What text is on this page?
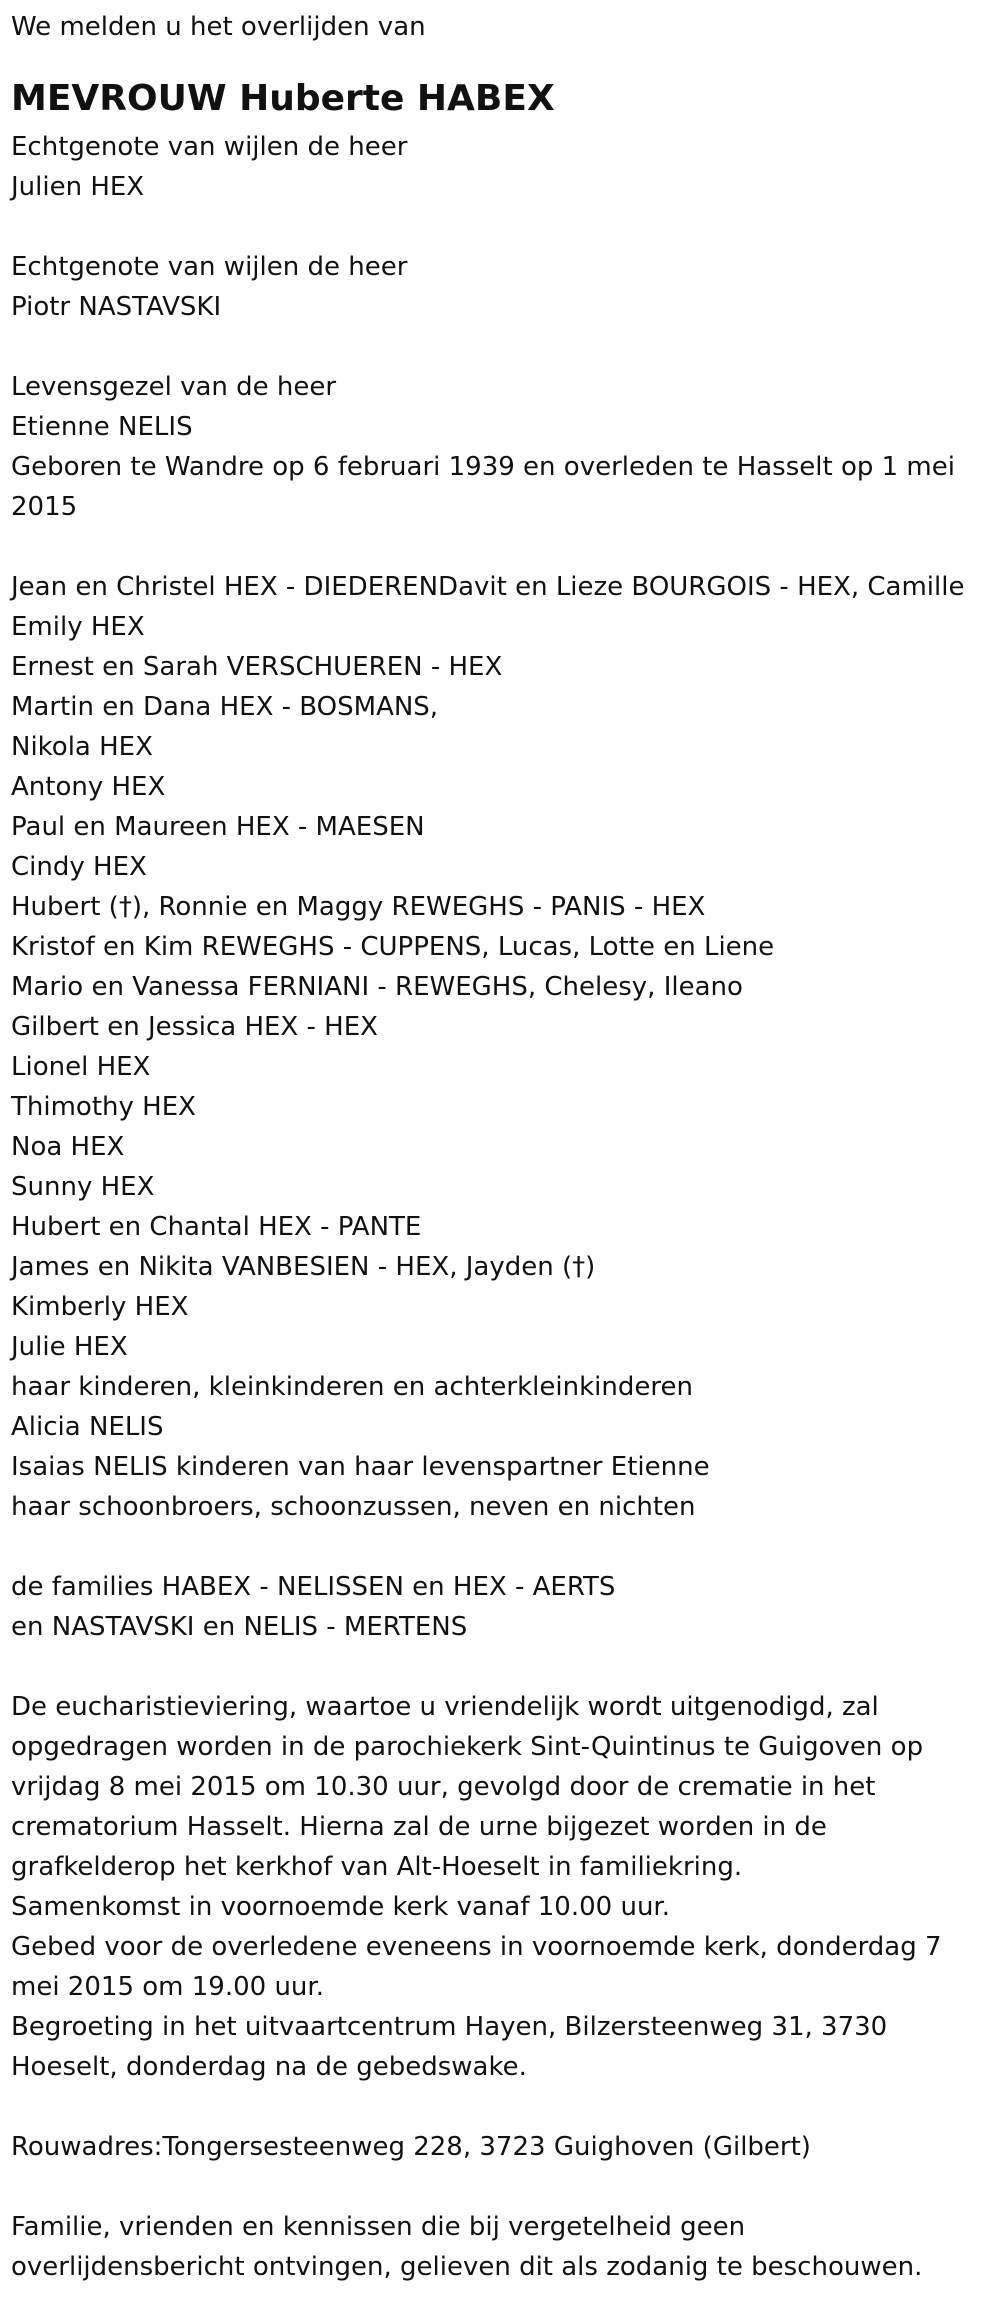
We melden u het overlijden van
MEVROUW Huberte HABEX
Echtgenote van wijlen de heer
Julien HEX
Echtgenote van wijlen de heer
Piotr NASTAVSKI
Levensgezel van de heer
Etienne NELIS
Geboren te Wandre op 6 februari 1939 en overleden te Hasselt op 1 mei
2015
Jean en Christel HEX - DIEDERENDavit en Lieze BOURGOIS - HEX, Camille
Emily HEX
Ernest en Sarah VERSCHUEREN - HEX
Martin en Dana HEX - BOSMANS,
Nikola HEX
Antony HEX
Paul en Maureen HEX - MAESEN
Cindy HEX
Hubert (†), Ronnie en Maggy REWEGHS - PANIS - HEX
Kristof en Kim REWEGHS - CUPPENS, Lucas, Lotte en Liene
Mario en Vanessa FERNIANI - REWEGHS, Chelesy, Ileano
Gilbert en Jessica HEX - HEX
Lionel HEX
Thimothy HEX
Noa HEX
Sunny HEX
Hubert en Chantal HEX - PANTE
James en Nikita VANBESIEN - HEX, Jayden (†)
Kimberly HEX
Julie HEX
haar kinderen, kleinkinderen en achterkleinkinderen
Alicia NELIS
Isaias NELIS kinderen van haar levenspartner Etienne
haar schoonbroers, schoonzussen, neven en nichten
de families HABEX - NELISSEN en HEX - AERTS
en NASTAVSKI en NELIS - MERTENS
De eucharistieviering, waartoe u vriendelijk wordt uitgenodigd, zal
opgedragen worden in de parochiekerk Sint-Quintinus te Guigoven op
vrijdag 8 mei 2015 om 10.30 uur, gevolgd door de crematie in het
crematorium Hasselt. Hierna zal de urne bijgezet worden in de
grafkelderop het kerkhof van Alt-Hoeselt in familiekring.
Samenkomst in voornoemde kerk vanaf 10.00 uur.
Gebed voor de overledene eveneens in voornoemde kerk, donderdag 7
mei 2015 om 19.00 uur.
Begroeting in het uitvaartcentrum Hayen, Bilzersteenweg 31, 3730
Hoeselt, donderdag na de gebedswake.
Rouwadres:Tongersesteenweg 228, 3723 Guighoven (Gilbert)
Familie, vrienden en kennissen die bij vergetelheid geen
overlijdensbericht ontvingen, gelieven dit als zodanig te beschouwen.
